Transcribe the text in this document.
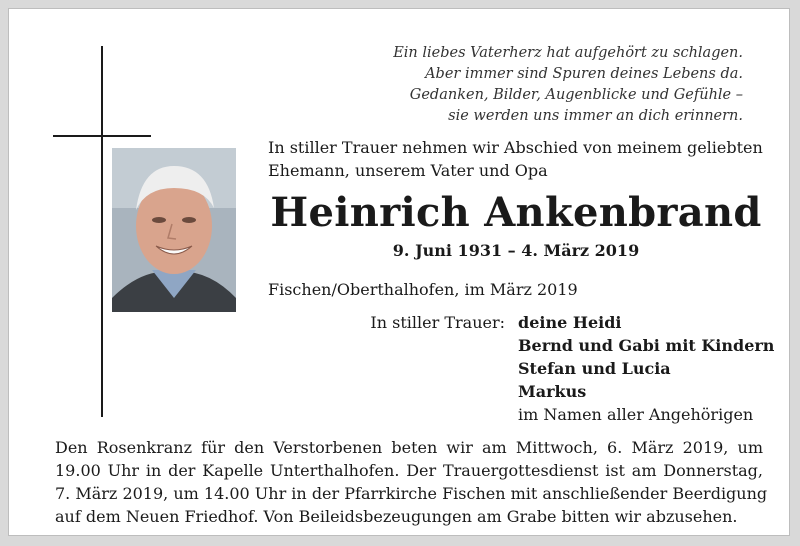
Ein liebes Vaterherz hat aufgehört zu schlagen.
Aber immer sind Spuren deines Lebens da.
Gedanken, Bilder, Augenblicke und Gefühle –
sie werden uns immer an dich erinnern.
In stiller Trauer nehmen wir Abschied von meinem geliebten
Ehemann, unserem Vater und Opa
Heinrich Ankenbrand
9. Juni 1931 – 4. März 2019
Fischen/Oberthalhofen, im März 2019
In stiller Trauer: deine Heidi
Bernd und Gabi mit Kindern
Stefan und Lucia
Markus
im Namen aller Angehörigen
Den Rosenkranz für den Verstorbenen beten wir am Mittwoch, 6. März 2019, um
19.00 Uhr in der Kapelle Unterthalhofen. Der Trauergottesdienst ist am Donnerstag,
7. März 2019, um 14.00 Uhr in der Pfarrkirche Fischen mit anschließender Beerdigung
auf dem Neuen Friedhof. Von Beileidsbezeugungen am Grabe bitten wir abzusehen.
